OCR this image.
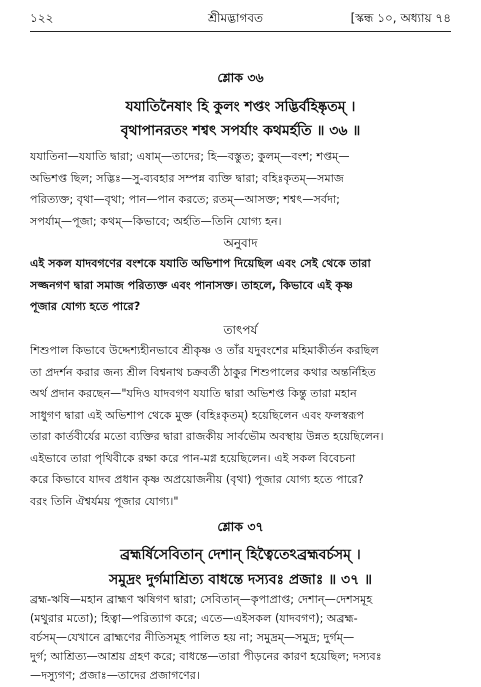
১২২	শ্রীমদ্ভাগবত	[স্কন্ধ ১০, অধ্যায় ৭৪
শ্লোক ৩৬
যযাতিনৈষাং হি কুলং শপ্তং সদ্ভির্বহিষ্কৃতম্ ।
বৃথাপানরতং শশ্বৎ সপর্যাং কথমর্হতি ॥ ৩৬ ॥
যযাতিনা—যযাতি দ্বারা; এষাম্—তাদের; হি—বস্তুত; কুলম্—বংশ; শপ্তম্—
অভিশপ্ত ছিল; সদ্ভিঃ—সু-ব্যবহার সম্পন্ন ব্যক্তি দ্বারা; বহিঃকৃতম্—সমাজ
পরিত্যক্ত; বৃথা—বৃথা; পান—পান করতে; রতম্—আসক্ত; শশ্বৎ—সর্বদা;
সপর্যাম্—পূজা; কথম্—কিভাবে; অর্হতি—তিনি যোগ্য হন।
অনুবাদ
এই সকল যাদবগণের বংশকে যযাতি অভিশাপ দিয়েছিল এবং সেই থেকে তারা
সজ্জনগণ দ্বারা সমাজ পরিত্যক্ত এবং পানাসক্ত। তাহলে, কিভাবে এই কৃষ্ণ
পূজার যোগ্য হতে পারে?
তাৎপর্য
শিশুপাল কিভাবে উদ্দেশ্যহীনভাবে শ্রীকৃষ্ণ ও তাঁর যদুবংশের মহিমাকীর্তন করছিল
তা প্রদর্শন করার জন্য শ্রীল বিশ্বনাথ চক্রবর্তী ঠাকুর শিশুপালের কথার অন্তর্নিহিত
অর্থ প্রদান করছেন—"যদিও যাদবগণ যযাতি দ্বারা অভিশপ্ত কিন্তু তারা মহান
সাধুগণ দ্বারা এই অভিশাপ থেকে মুক্ত (বহিঃকৃতম্) হয়েছিলেন এবং ফলস্বরূপ
তারা কার্তবীর্যের মতো ব্যক্তির দ্বারা রাজকীয় সার্বভৌম অবস্থায় উন্নত হয়েছিলেন।
এইভাবে তারা পৃথিবীকে রক্ষা করে পান-মগ্ন হয়েছিলেন। এই সকল বিবেচনা
করে কিভাবে যাদব প্রধান কৃষ্ণ অপ্রয়োজনীয় (বৃথা) পূজার যোগ্য হতে পারে?
বরং তিনি ঐশ্বর্যময় পূজার যোগ্য।"
শ্লোক ৩৭
ব্রহ্মর্ষিসেবিতান্ দেশান্ হিত্বৈতেঽব্রহ্মবর্চসম্ ।
সমুদ্রং দুর্গমাশ্রিত্য বাধন্তে দস্যবঃ প্রজাঃ ॥ ৩৭ ॥
ব্রহ্ম-ঋষি—মহান ব্রাহ্মণ ঋষিগণ দ্বারা; সেবিতান্—কৃপাপ্রাপ্ত; দেশান্—দেশসমূহ
(মথুরার মতো); হিত্বা—পরিত্যাগ করে; এতে—এইসকল (যাদবগণ); অব্রহ্ম-
বর্চসম্—যেখানে ব্রাহ্মণের নীতিসমূহ পালিত হয় না; সমুদ্রম্—সমুদ্র; দুর্গম্—
দুর্গ; আশ্রিত্য—আশ্রয় গ্রহণ করে; বাধন্তে—তারা পীড়নের কারণ হয়েছিল; দস্যবঃ
—দস্যুগণ; প্রজাঃ—তাদের প্রজাগণের।
